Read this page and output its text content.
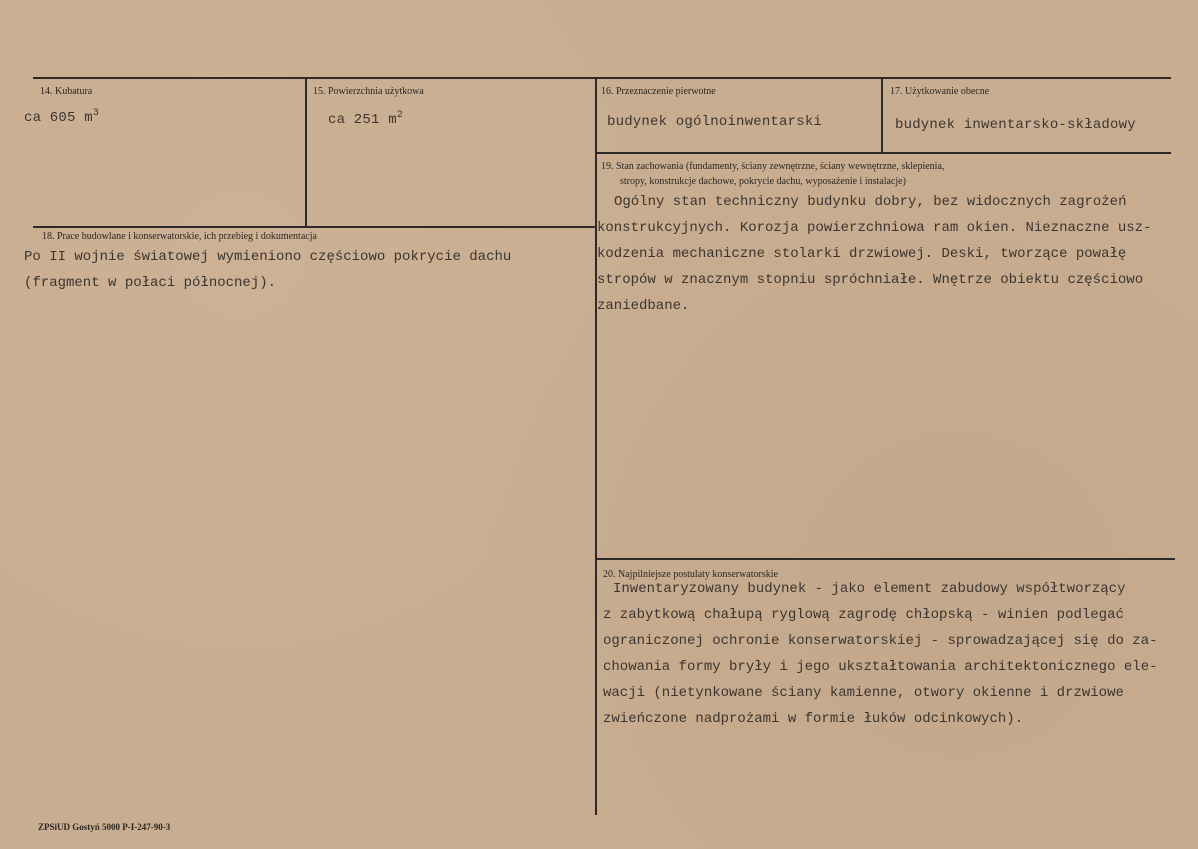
14. Kubatura
ca 605 $m^3$
15. Powierzchnia użytkowa
ca 251 $m^2$
16. Przeznaczenie pierwotne
budynek ogólnoinwentarski
17. Użytkowanie obecne
budynek inwentarsko-składowy
19. Stan zachowania (fundamenty, ściany zewnętrzne, ściany wewnętrzne, sklepienia,
stropy, konstrukcje dachowe, pokrycie dachu, wyposażenie i instalacje)
Ogólny stan techniczny budynku dobry, bez widocznych zagrożeń
konstrukcyjnych. Korozja powierzchniowa ram okien. Nieznaczne usz-
kodzenia mechaniczne stolarki drzwiowej. Deski, tworzące powałę
stropów w znacznym stopniu spróchniałe. Wnętrze obiektu częściowo
zaniedbane.
18. Prace budowlane i konserwatorskie, ich przebieg i dokumentacja
Po II wojnie światowej wymieniono częściowo pokrycie dachu
(fragment w połaci północnej).
20. Najpilniejsze postulaty konserwatorskie
Inwentaryzowany budynek - jako element zabudowy współtworzący
z zabytkową chałupą ryglową zagrodę chłopską - winien podlegać
ograniczonej ochronie konserwatorskiej - sprowadzającej się do za-
chowania formy bryły i jego ukształtowania architektonicznego ele-
wacji (nietynkowane ściany kamienne, otwory okienne i drzwiowe
zwieńczone nadprożami w formie łuków odcinkowych).
ZPSiUD Gostyń 5000 P-I-247-90-3
